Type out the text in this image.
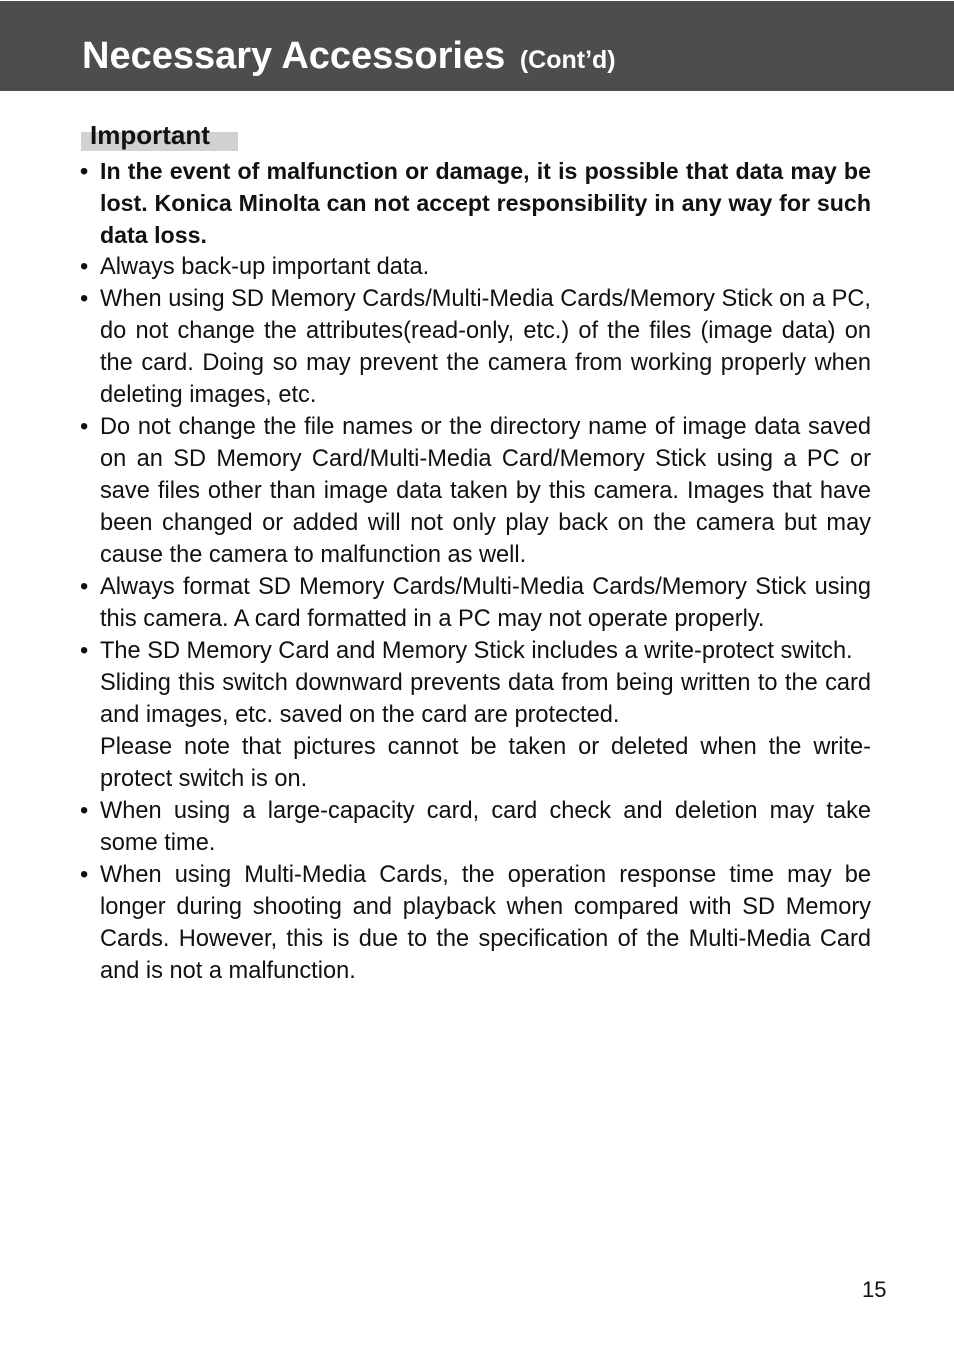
Necessary Accessories (Cont’d)
Important
• In the event of malfunction or damage, it is possible that data may be lost. Konica Minolta can not accept responsibility in any way for such data loss.
• Always back-up important data.
• When using SD Memory Cards/Multi-Media Cards/Memory Stick on a PC, do not change the attributes(read-only, etc.) of the files (image data) on the card. Doing so may prevent the camera from working properly when deleting images, etc.
• Do not change the file names or the directory name of image data saved on an SD Memory Card/Multi-Media Card/Memory Stick using a PC or save files other than image data taken by this camera. Images that have been changed or added will not only play back on the camera but may cause the camera to malfunction as well.
• Always format SD Memory Cards/Multi-Media Cards/Memory Stick using this camera. A card formatted in a PC may not operate properly.
• The SD Memory Card and Memory Stick includes a write-protect switch.
Sliding this switch downward prevents data from being written to the card and images, etc. saved on the card are protected.
Please note that pictures cannot be taken or deleted when the write-protect switch is on.
• When using a large-capacity card, card check and deletion may take some time.
• When using Multi-Media Cards, the operation response time may be longer during shooting and playback when compared with SD Memory Cards. However, this is due to the specification of the Multi-Media Card and is not a malfunction.
15
